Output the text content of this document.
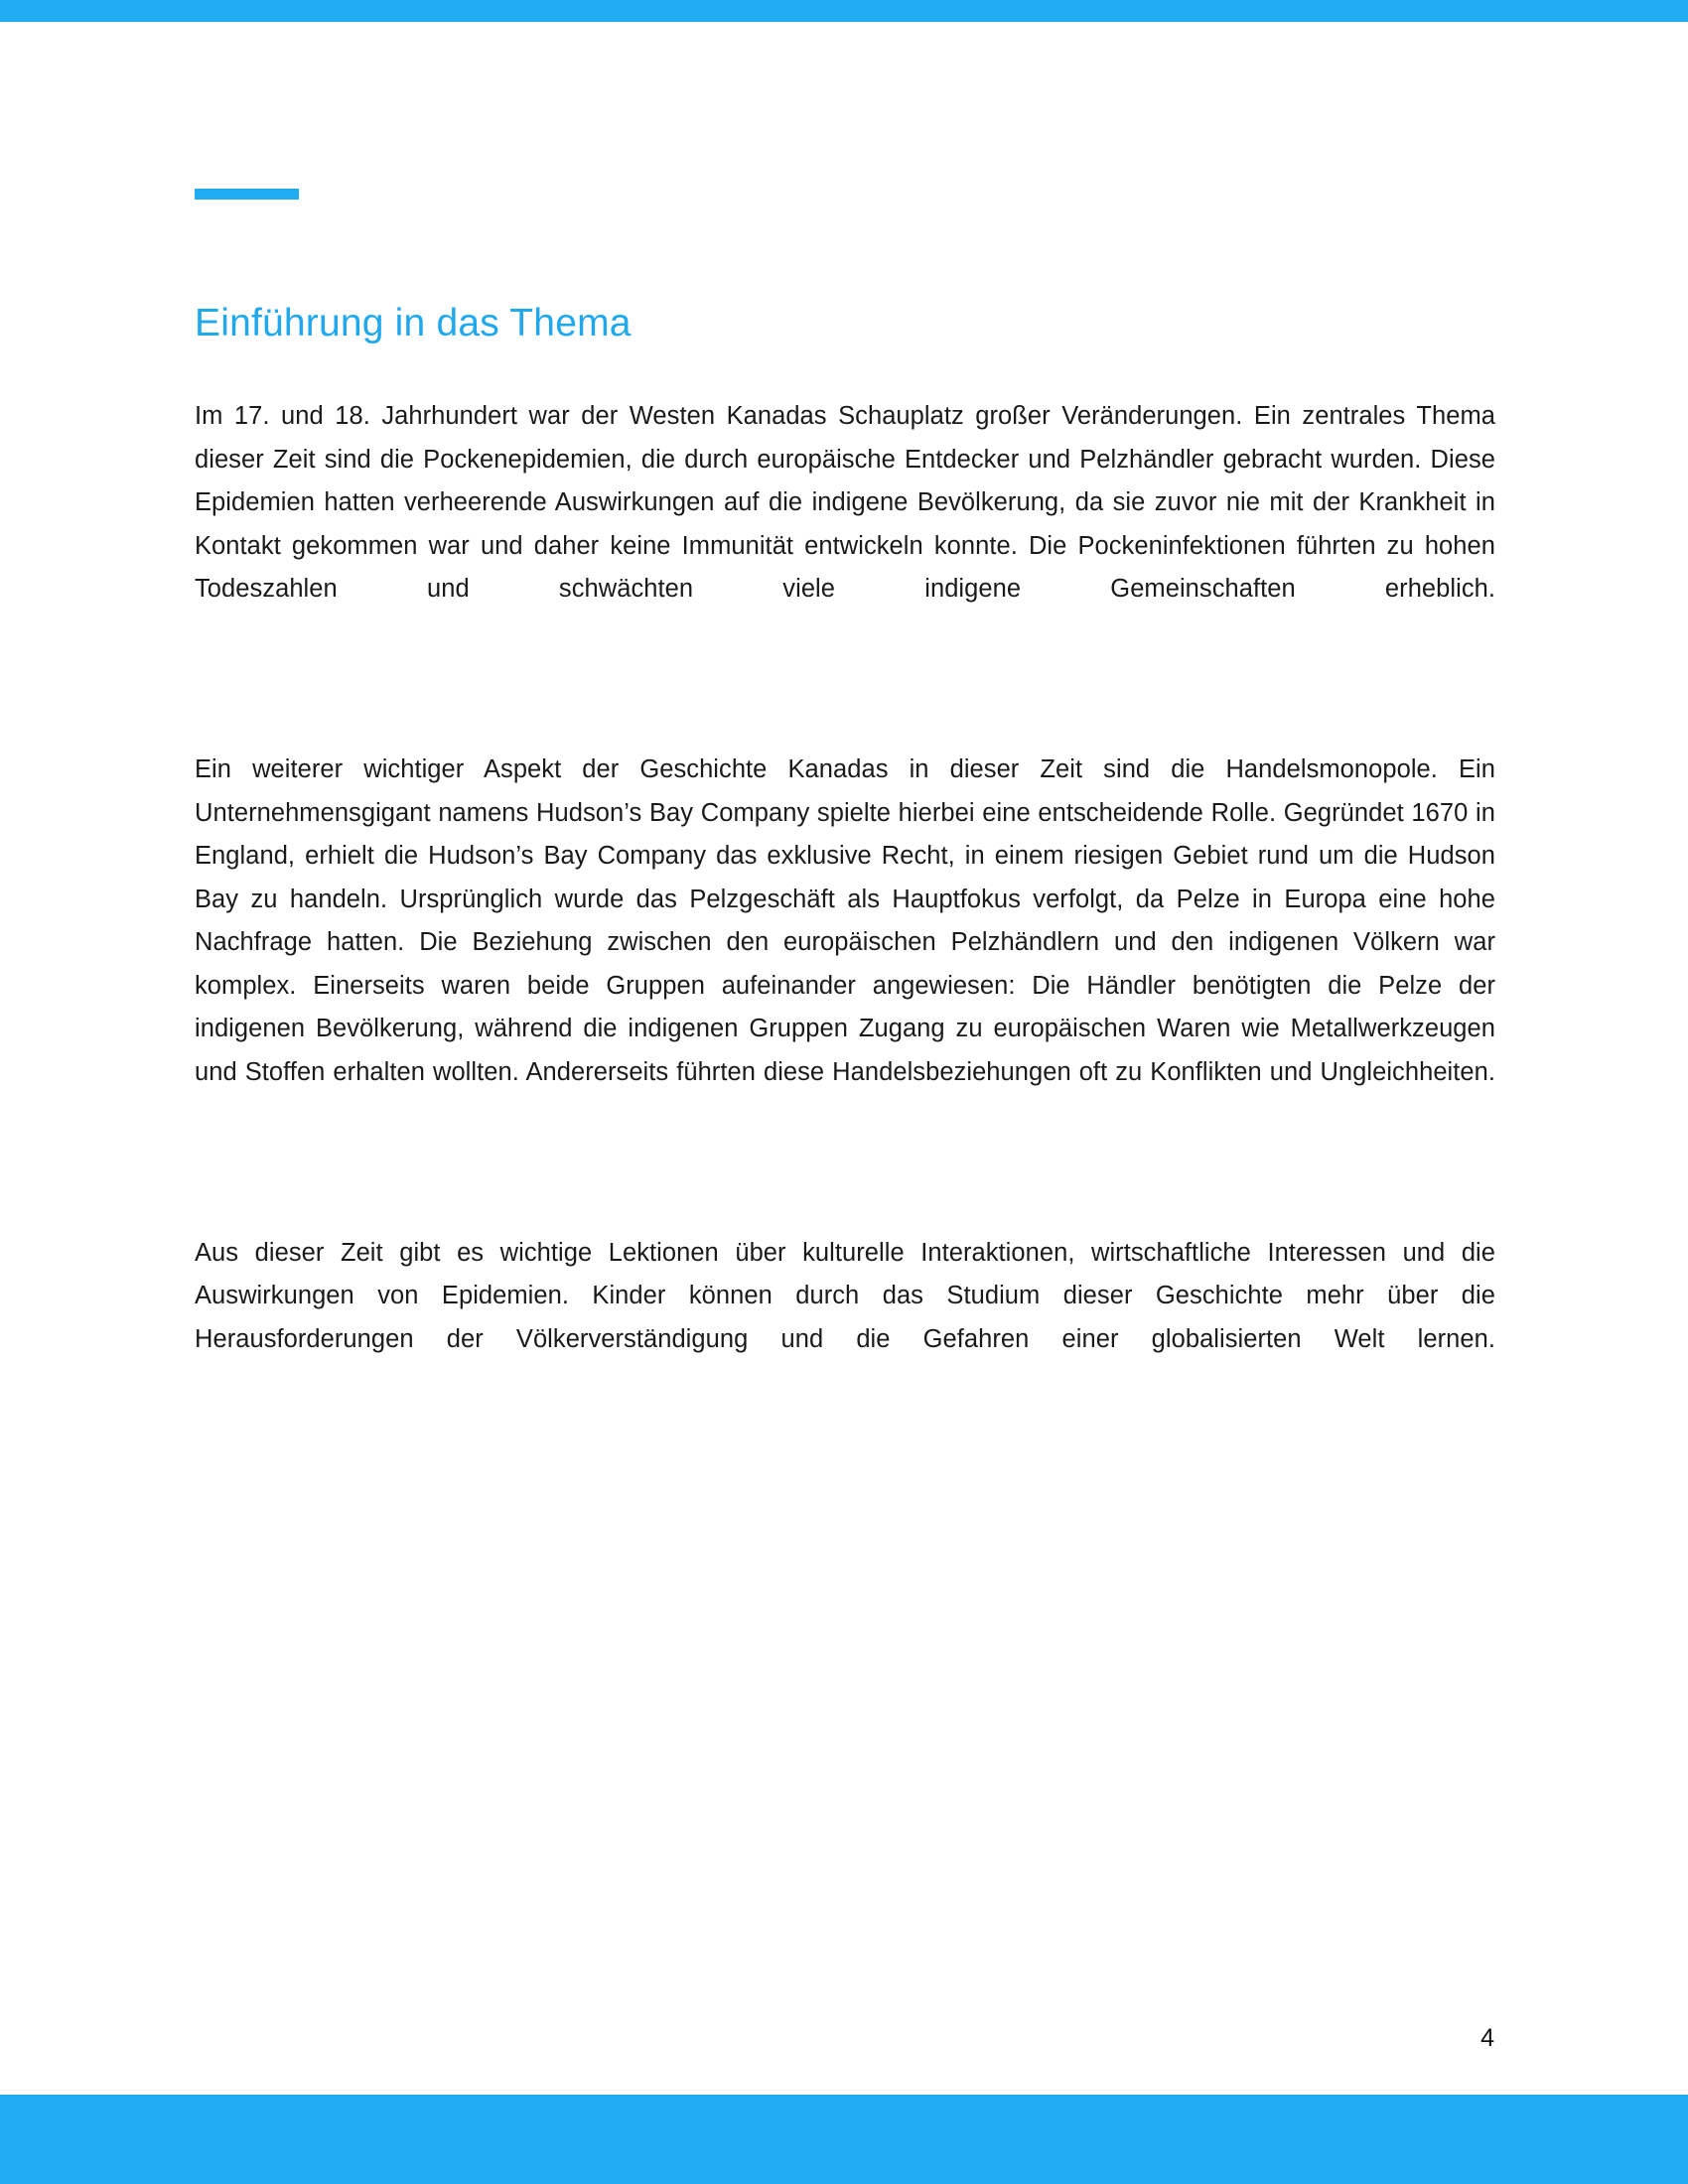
Einführung in das Thema

Im 17. und 18. Jahrhundert war der Westen Kanadas Schauplatz großer Veränderungen. Ein zentrales Thema dieser Zeit sind die Pockenepidemien, die durch europäische Entdecker und Pelzhändler gebracht wurden. Diese Epidemien hatten verheerende Auswirkungen auf die indigene Bevölkerung, da sie zuvor nie mit der Krankheit in Kontakt gekommen war und daher keine Immunität entwickeln konnte. Die Pockeninfektionen führten zu hohen Todeszahlen und schwächten viele indigene Gemeinschaften erheblich.

Ein weiterer wichtiger Aspekt der Geschichte Kanadas in dieser Zeit sind die Handelsmonopole. Ein Unternehmensgigant namens Hudson’s Bay Company spielte hierbei eine entscheidende Rolle. Gegründet 1670 in England, erhielt die Hudson’s Bay Company das exklusive Recht, in einem riesigen Gebiet rund um die Hudson Bay zu handeln. Ursprünglich wurde das Pelzgeschäft als Hauptfokus verfolgt, da Pelze in Europa eine hohe Nachfrage hatten. Die Beziehung zwischen den europäischen Pelzhändlern und den indigenen Völkern war komplex. Einerseits waren beide Gruppen aufeinander angewiesen: Die Händler benötigten die Pelze der indigenen Bevölkerung, während die indigenen Gruppen Zugang zu europäischen Waren wie Metallwerkzeugen und Stoffen erhalten wollten. Andererseits führten diese Handelsbeziehungen oft zu Konflikten und Ungleichheiten.

Aus dieser Zeit gibt es wichtige Lektionen über kulturelle Interaktionen, wirtschaftliche Interessen und die Auswirkungen von Epidemien. Kinder können durch das Studium dieser Geschichte mehr über die Herausforderungen der Völkerverständigung und die Gefahren einer globalisierten Welt lernen.

4
